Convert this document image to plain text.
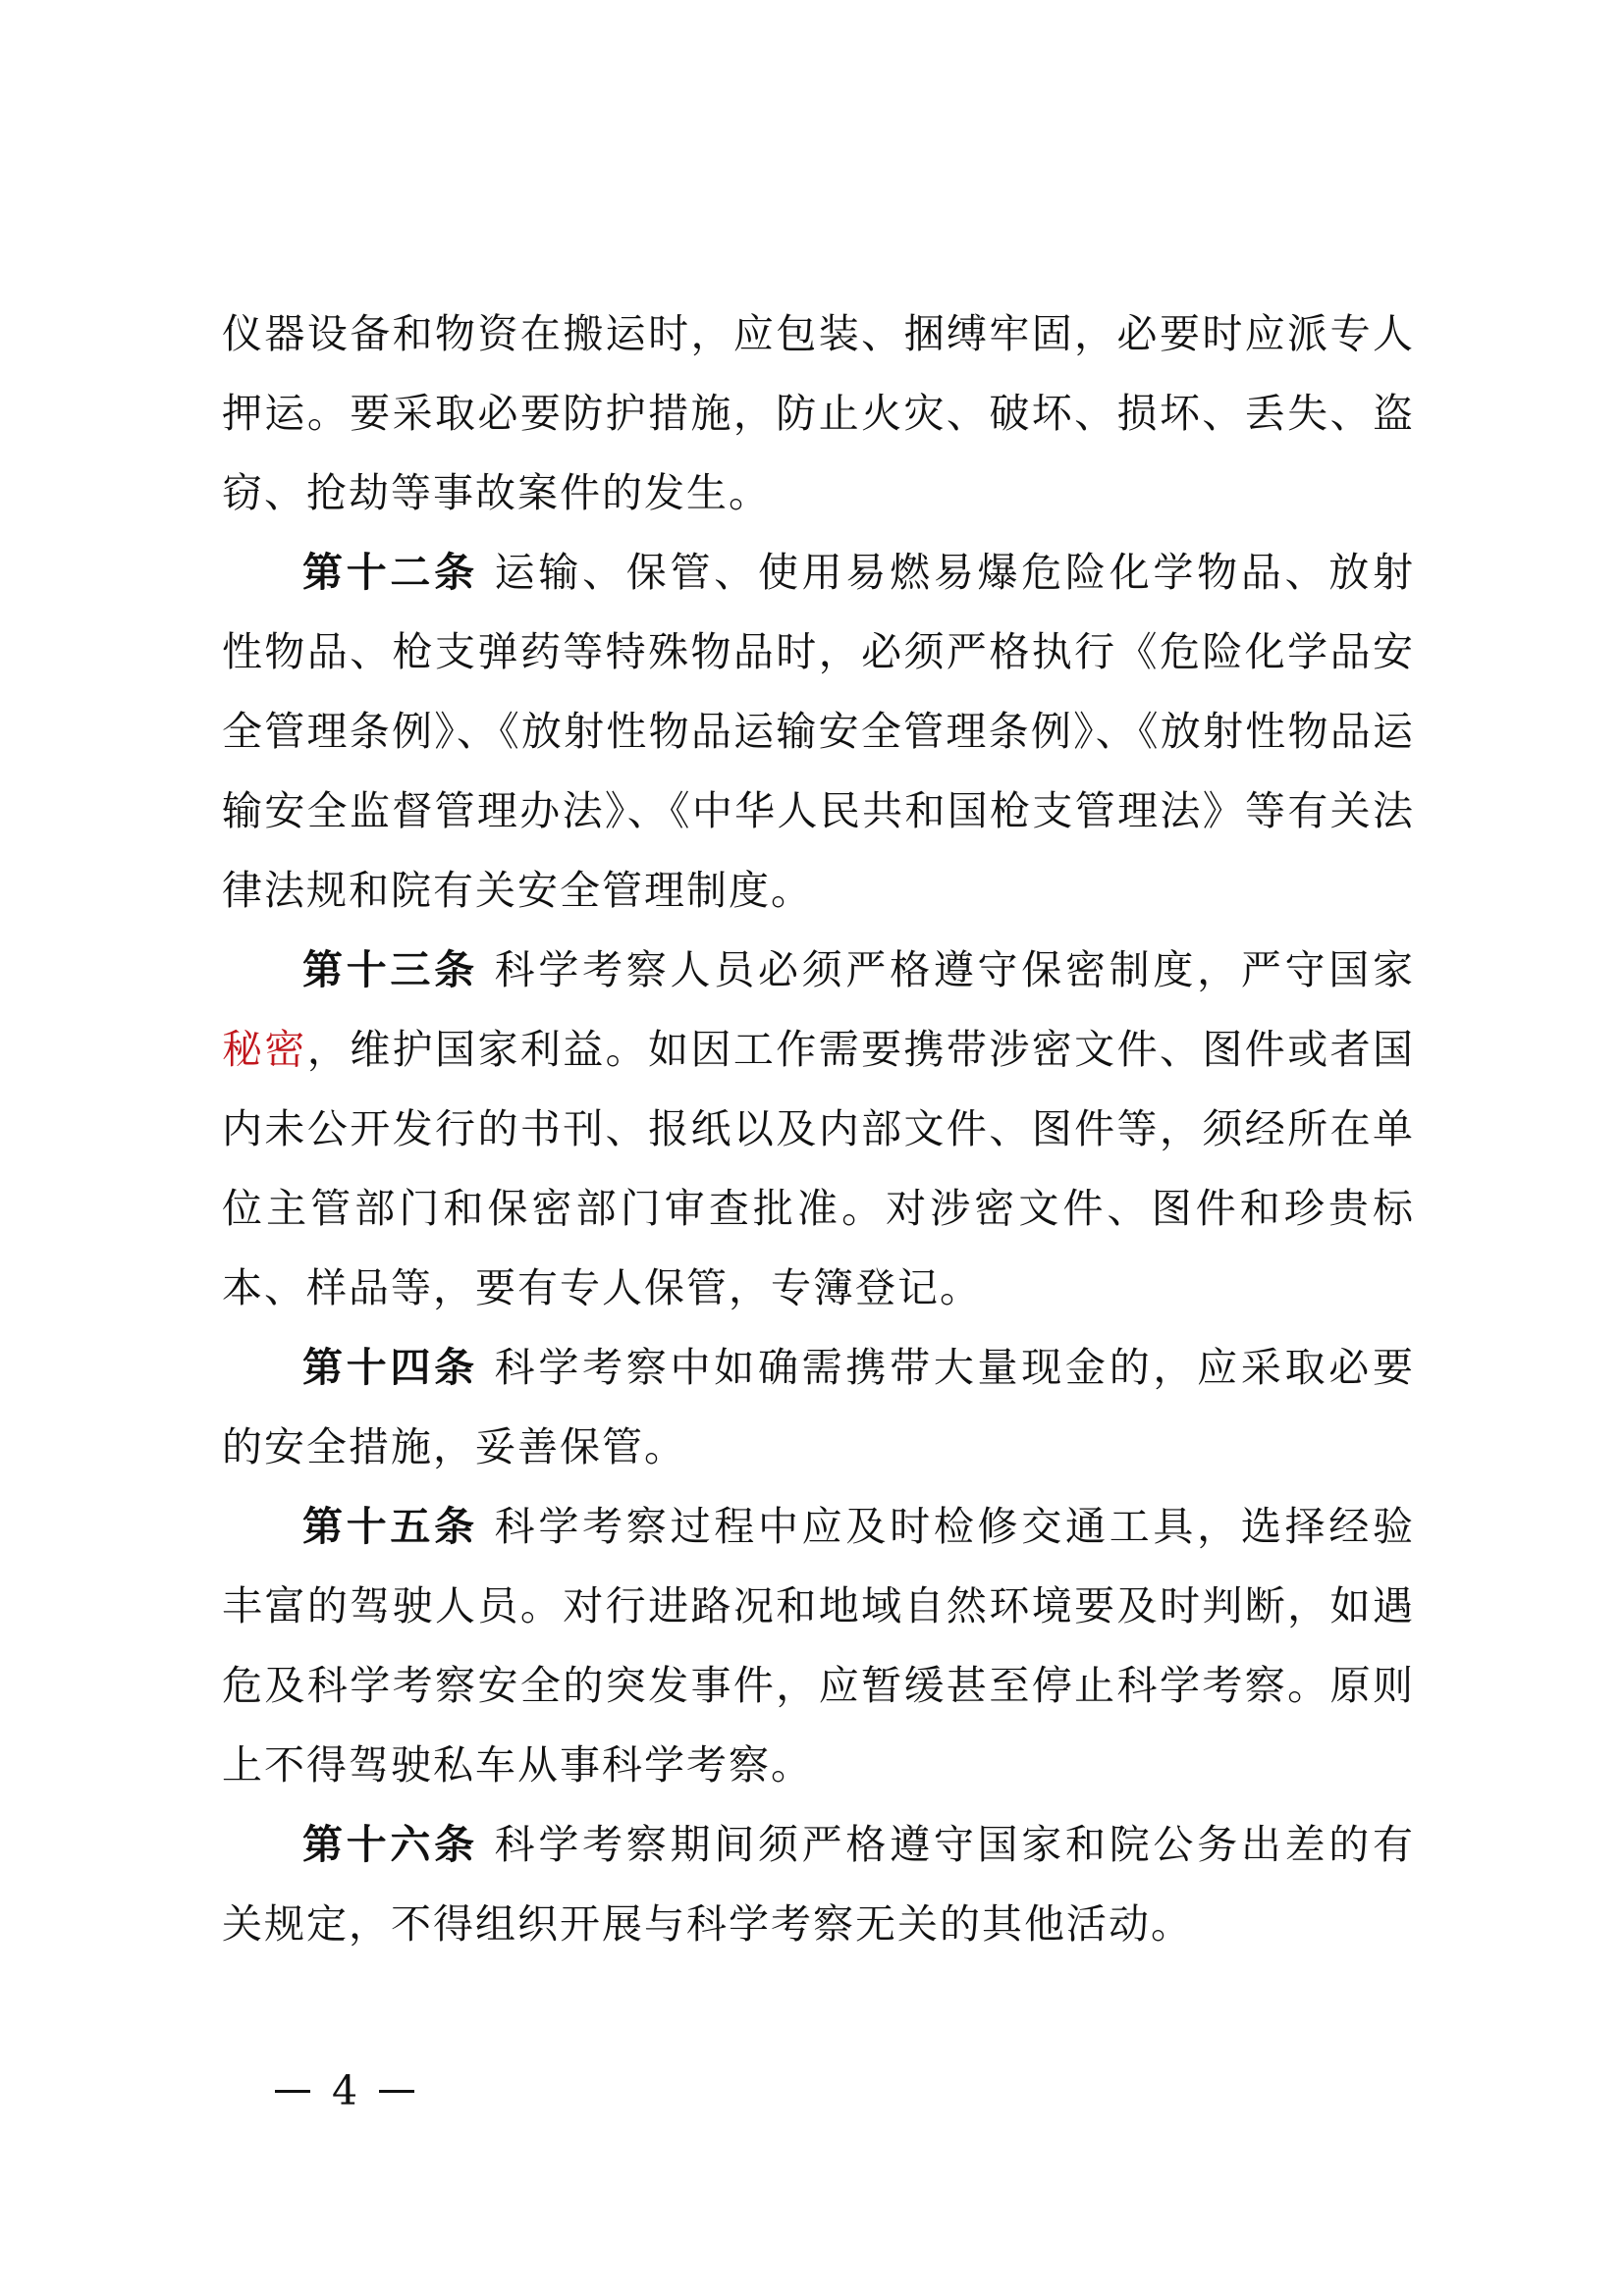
仪器设备和物资在搬运时，应包装、捆缚牢固，必要时应派专人押运。要采取必要防护措施，防止火灾、破坏、损坏、丢失、盗窃、抢劫等事故案件的发生。

第十二条 运输、保管、使用易燃易爆危险化学物品、放射性物品、枪支弹药等特殊物品时，必须严格执行《危险化学品安全管理条例》、《放射性物品运输安全管理条例》、《放射性物品运输安全监督管理办法》、《中华人民共和国枪支管理法》等有关法律法规和院有关安全管理制度。

第十三条 科学考察人员必须严格遵守保密制度，严守国家秘密，维护国家利益。如因工作需要携带涉密文件、图件或者国内未公开发行的书刊、报纸以及内部文件、图件等，须经所在单位主管部门和保密部门审查批准。对涉密文件、图件和珍贵标本、样品等，要有专人保管，专簿登记。

第十四条 科学考察中如确需携带大量现金的，应采取必要的安全措施，妥善保管。

第十五条 科学考察过程中应及时检修交通工具，选择经验丰富的驾驶人员。对行进路况和地域自然环境要及时判断，如遇危及科学考察安全的突发事件，应暂缓甚至停止科学考察。原则上不得驾驶私车从事科学考察。

第十六条 科学考察期间须严格遵守国家和院公务出差的有关规定，不得组织开展与科学考察无关的其他活动。

4
